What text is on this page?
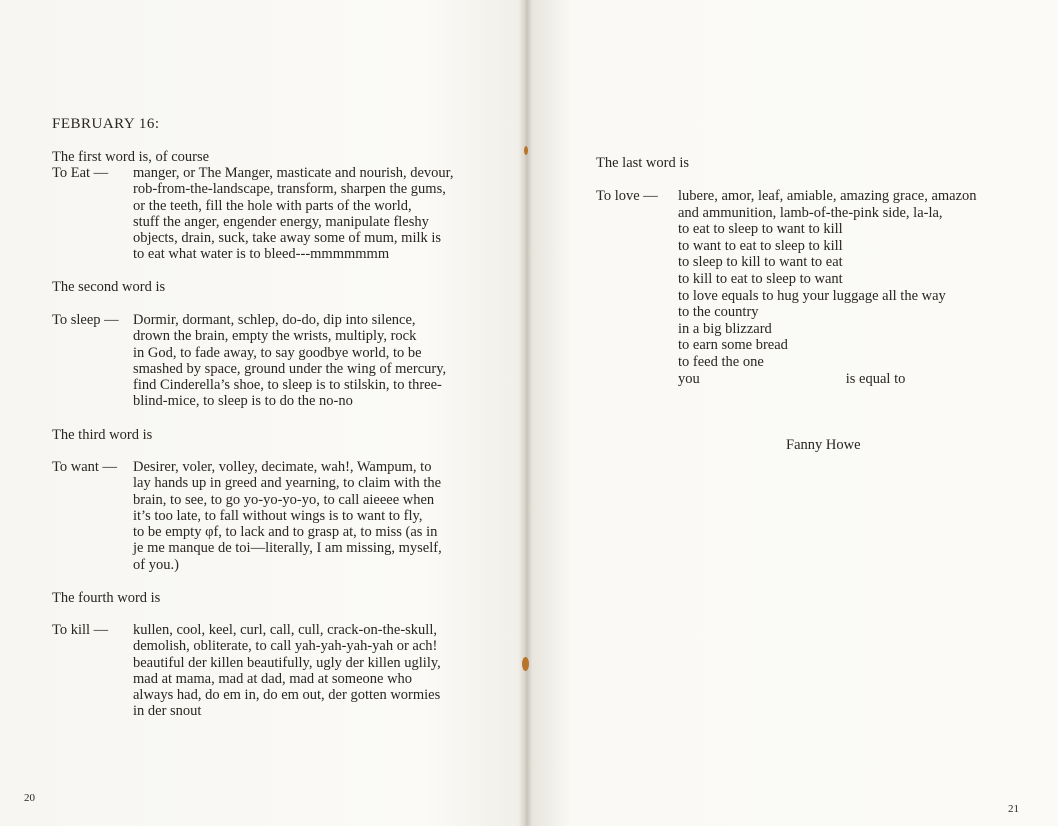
FEBRUARY 16:

The first word is, of course

To Eat — manger, or The Manger, masticate and nourish, devour,
rob-from-the-landscape, transform, sharpen the gums,
or the teeth, fill the hole with parts of the world,
stuff the anger, engender energy, manipulate fleshy
objects, drain, suck, take away some of mum, milk is
to eat what water is to bleed---mmmmmmm

The second word is

To sleep — Dormir, dormant, schlep, do-do, dip into silence,
drown the brain, empty the wrists, multiply, rock
in God, to fade away, to say goodbye world, to be
smashed by space, ground under the wing of mercury,
find Cinderella’s shoe, to sleep is to stilskin, to three-
blind-mice, to sleep is to do the no-no

The third word is

To want — Desirer, voler, volley, decimate, wah!, Wampum, to
lay hands up in greed and yearning, to claim with the
brain, to see, to go yo-yo-yo-yo, to call aieeee when
it’s too late, to fall without wings is to want to fly,
to be empty φf, to lack and to grasp at, to miss (as in
je me manque de toi—literally, I am missing, myself,
of you.)

The fourth word is

To kill — kullen, cool, keel, curl, call, cull, crack-on-the-skull,
demolish, obliterate, to call yah-yah-yah-yah or ach!
beautiful der killen beautifully, ugly der killen uglily,
mad at mama, mad at dad, mad at someone who
always had, do em in, do em out, der gotten wormies
in der snout

20

The last word is

To love — lubere, amor, leaf, amiable, amazing grace, amazon
and ammunition, lamb-of-the-pink side, la-la,
to eat to sleep to want to kill
to want to eat to sleep to kill
to sleep to kill to want to eat
to kill to eat to sleep to want
to love equals to hug your luggage all the way
to the country
in a big blizzard
to earn some bread
to feed the one
you	is equal to

Fanny Howe

21
